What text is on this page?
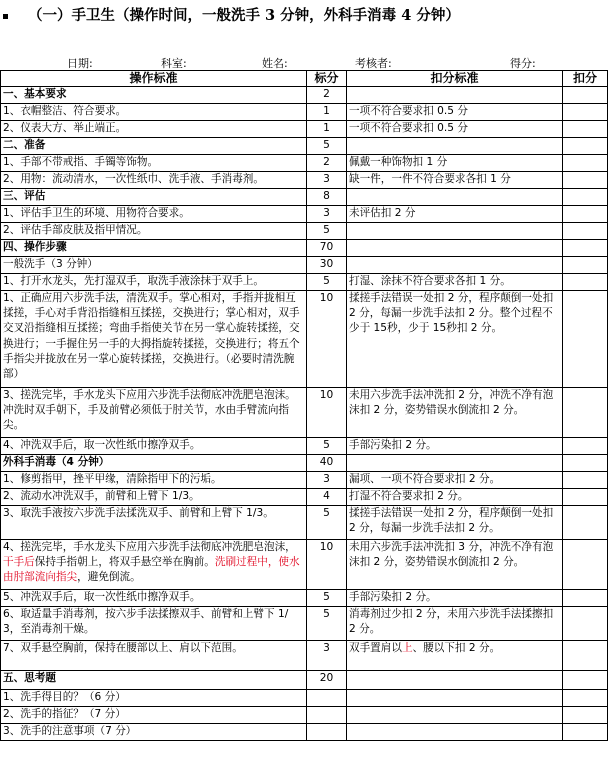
（一）手卫生（操作时间，一般洗手 3 分钟，外科手消毒 4 分钟）
日期:	科室:	姓名:	考核者:	得分:
操作标准	标分	扣分标准	扣分
一、基本要求	2		
1、衣帽整洁、符合要求。	1	一项不符合要求扣 0.5 分	
2、仪表大方、举止端正。	1	一项不符合要求扣 0.5 分	
二、准备	5		
1、手部不带戒指、手镯等饰物。	2	佩戴一种饰物扣 1 分	
2、用物：流动清水，一次性纸巾、洗手液、手消毒剂。	3	缺一件，一件不符合要求各扣 1 分	
三、评估	8		
1、评估手卫生的环境、用物符合要求。	3	未评估扣 2 分	
2、评估手部皮肤及指甲情况。	5		
四、操作步骤	70		
一般洗手（3 分钟）	30		
1、打开水龙头，先打湿双手，取洗手液涂抹于双手上。	5	打湿、涂抹不符合要求各扣 1 分。	
1、正确应用六步洗手法，清洗双手。掌心相对，手指并拢相互揉搓，手心对手背沿指缝相互揉搓，交换进行；掌心相对，双手交叉沿指缝相互揉搓；弯曲手指使关节在另一掌心旋转揉搓，交换进行；一手握住另一手的大拇指旋转揉搓，交换进行；将五个手指尖并拢放在另一掌心旋转揉搓，交换进行。（必要时清洗腕部）	10	揉搓手法错误一处扣 2 分，程序颠倒一处扣 2 分，每漏一步洗手法扣 2 分。整个过程不少于 15秒，少于 15秒扣 2 分。	
3、搓洗完毕，手水龙头下应用六步洗手法彻底冲洗肥皂泡沫。冲洗时双手朝下，手及前臂必须低于肘关节，水由手臂流向指尖。	10	未用六步洗手法冲洗扣 2 分，冲洗不净有泡沫扣 2 分，姿势错误水倒流扣 2 分。	
4、冲洗双手后，取一次性纸巾擦净双手。	5	手部污染扣 2 分。	
外科手消毒（4 分钟）	40		
1、修剪指甲，挫平甲缘，清除指甲下的污垢。	3	漏项、一项不符合要求扣 2 分。	
2、流动水冲洗双手，前臂和上臂下 1/3。	4	打湿不符合要求扣 2 分。	
3、取洗手液按六步洗手法揉洗双手、前臂和上臂下 1/3。	5	揉搓手法错误一处扣 2 分，程序颠倒一处扣 2 分，每漏一步洗手法扣 2 分。	
4、搓洗完毕，手水龙头下应用六步洗手法彻底冲洗肥皂泡沫，干手后保持手指朝上，将双手悬空举在胸前。洗刷过程中，使水由肘部流向指尖，避免倒流。	10	未用六步洗手法冲洗扣 3 分，冲洗不净有泡沫扣 2 分，姿势错误水倒流扣 2 分。	
5、冲洗双手后，取一次性纸巾擦净双手。	5	手部污染扣 2 分。	
6、取适量手消毒剂，按六步手法揉擦双手、前臂和上臂下 1/3，至消毒剂干燥。	5	消毒剂过少扣 2 分，未用六步洗手法揉擦扣 2 分。	
7、双手悬空胸前，保持在腰部以上、肩以下范围。	3	双手置肩以上、腰以下扣 2 分。	
五、思考题	20		
1、洗手得目的？（6 分）			
2、洗手的指征？（7 分）			
3、洗手的注意事项（7 分）			
